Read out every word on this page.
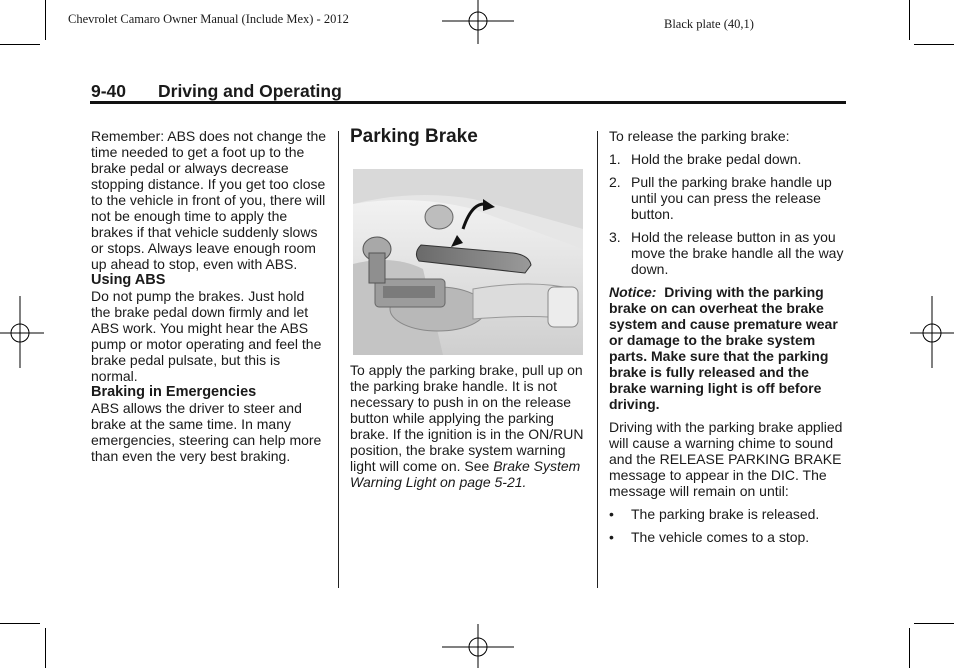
Chevrolet Camaro Owner Manual (Include Mex) - 2012	Black plate (40,1)
9-40 Driving and Operating

Remember: ABS does not change the time needed to get a foot up to the brake pedal or always decrease stopping distance. If you get too close to the vehicle in front of you, there will not be enough time to apply the brakes if that vehicle suddenly slows or stops. Always leave enough room up ahead to stop, even with ABS.

Using ABS

Do not pump the brakes. Just hold the brake pedal down firmly and let ABS work. You might hear the ABS pump or motor operating and feel the brake pedal pulsate, but this is normal.

Braking in Emergencies

ABS allows the driver to steer and brake at the same time. In many emergencies, steering can help more than even the very best braking.

Parking Brake

To apply the parking brake, pull up on the parking brake handle. It is not necessary to push in on the release button while applying the parking brake. If the ignition is in the ON/RUN position, the brake system warning light will come on. See Brake System Warning Light on page 5-21.

To release the parking brake:

1. Hold the brake pedal down.
2. Pull the parking brake handle up until you can press the release button.
3. Hold the release button in as you move the brake handle all the way down.

Notice: Driving with the parking brake on can overheat the brake system and cause premature wear or damage to the brake system parts. Make sure that the parking brake is fully released and the brake warning light is off before driving.

Driving with the parking brake applied will cause a warning chime to sound and the RELEASE PARKING BRAKE message to appear in the DIC. The message will remain on until:

•	The parking brake is released.
•	The vehicle comes to a stop.
